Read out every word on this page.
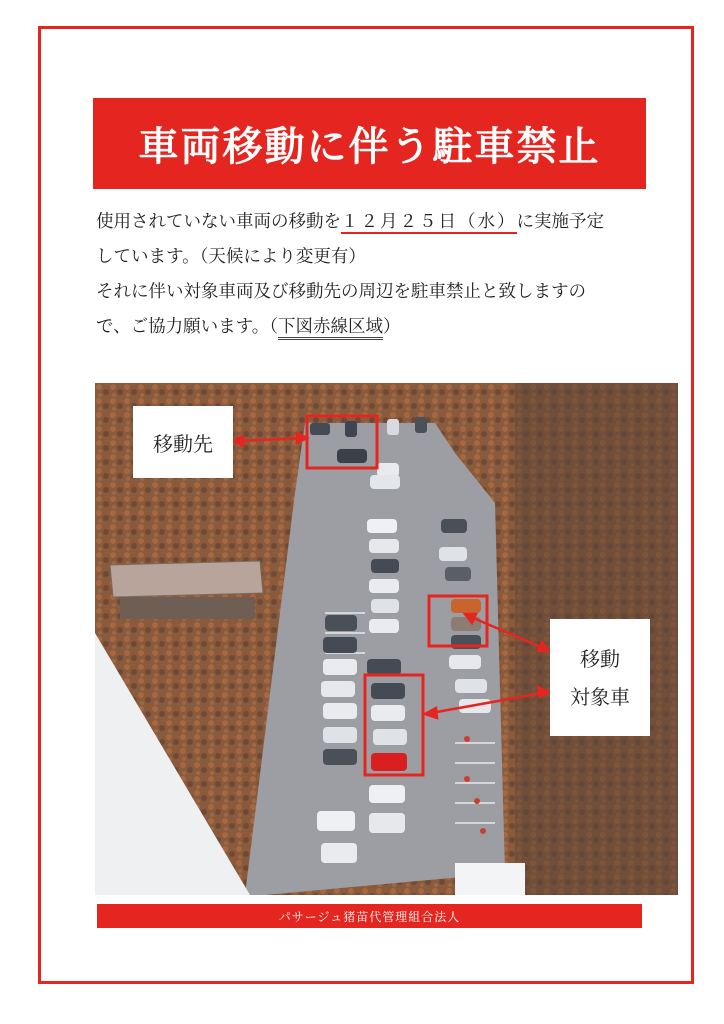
車両移動に伴う駐車禁止

使用されていない車両の移動を１２月２５日（水）に実施予定
しています。（天候により変更有）
それに伴い対象車両及び移動先の周辺を駐車禁止と致しますの
で、ご協力願います。（下図赤線区域）

移動先
移動
対象車
パサージュ猪苗代管理組合法人
